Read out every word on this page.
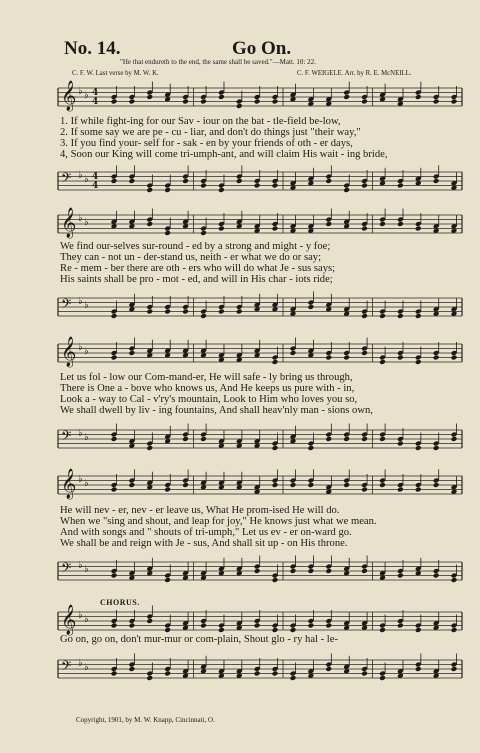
No. 14.	Go On.
"He that endureth to the end, the same shall be saved."—Matt. 10: 22.
C. F. W. Last verse by M. W. K.	C. F. WEIGELE. Arr. by R. E. McNEILL.
𝄞 ♭ ♭ 4
4
1. If while fight-ing for our Sav - iour on the bat - tle-field be-low,
2. If some say we are pe - cu - liar, and don't do things just "their way,"
3. If you find your- self for - sak - en by your friends of oth - er days,
4, Soon our King will come tri-umph-ant, and will claim His wait - ing bride,
𝄢 ♭ ♭ 4
4
𝄞 ♭ ♭
We find our-selves sur-round - ed by a strong and might - y foe;
They can - not un - der-stand us, neith - er what we do or say;
Re - mem - ber there are oth - ers who will do what Je - sus says;
His saints shall be pro - mot - ed, and will in His char - iots ride;
𝄢 ♭ ♭
𝄞 ♭ ♭
Let us fol - low our Com-mand-er, He will safe - ly bring us through,
There is One a - bove who knows us, And He keeps us pure with - in,
Look a - way to Cal - v'ry's mountain, Look to Him who loves you so,
We shall dwell by liv - ing fountains, And shall heav'nly man - sions own,
𝄢 ♭ ♭
𝄞 ♭ ♭
He will nev - er, nev - er leave us, What He prom-ised He will do.
When we "sing and shout, and leap for joy," He knows just what we mean.
And with songs and " shouts of tri-umph," Let us ev - er on-ward go.
We shall be and reign with Je - sus, And shall sit up - on His throne.
𝄢 ♭ ♭
CHORUS.
𝄞 ♭ ♭
Go on, go on, don't mur-mur or com-plain, Shout glo - ry hal - le-
𝄢 ♭ ♭
Copyright, 1901, by M. W. Knapp, Cincinnati, O.
